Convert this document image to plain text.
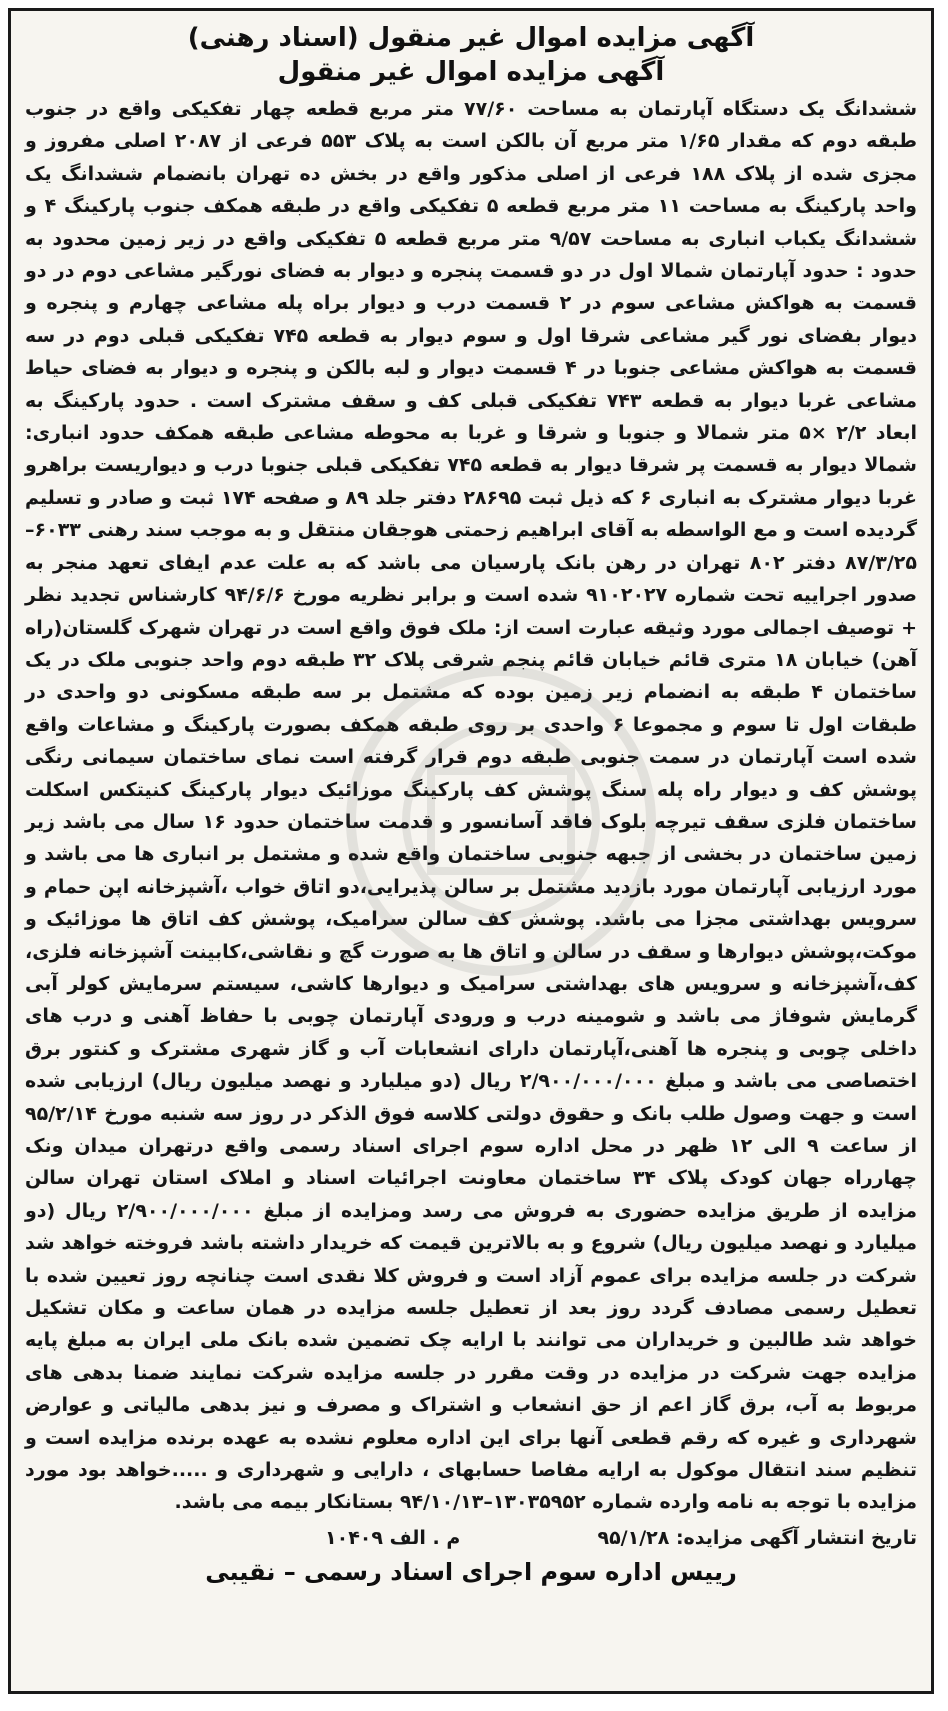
آگهی مزایده اموال غیر منقول (اسناد رهنی)
آگهی مزایده اموال غیر منقول

ششدانگ یک دستگاه آپارتمان به مساحت ۷۷/۶۰ متر مربع قطعه چهار تفکیکی واقع در جنوب طبقه دوم که مقدار ۱/۶۵ متر مربع آن بالکن است به پلاک ۵۵۳ فرعی از ۲۰۸۷ اصلی مفروز و مجزی شده از پلاک ۱۸۸ فرعی از اصلی مذکور واقع در بخش ده تهران بانضمام ششدانگ یک واحد پارکینگ به مساحت ۱۱ متر مربع قطعه ۵ تفکیکی واقع در طبقه همکف جنوب پارکینگ ۴ و ششدانگ یکباب انباری به مساحت ۹/۵۷ متر مربع قطعه ۵ تفکیکی واقع در زیر زمین محدود به حدود : حدود آپارتمان شمالا اول در دو قسمت پنجره و دیوار به فضای نورگیر مشاعی دوم در دو قسمت به هواکش مشاعی سوم در ۲ قسمت درب و دیوار براه پله مشاعی چهارم و پنجره و دیوار بفضای نور گیر مشاعی شرقا اول و سوم دیوار به قطعه ۷۴۵ تفکیکی قبلی دوم در سه قسمت به هواکش مشاعی جنوبا در ۴ قسمت دیوار و لبه بالکن و پنجره و دیوار به فضای حیاط مشاعی غربا دیوار به قطعه ۷۴۳ تفکیکی قبلی کف و سقف مشترک است . حدود پارکینگ به ابعاد ۲/۲ ×۵ متر شمالا و جنوبا و شرقا و غربا به محوطه مشاعی طبقه همکف حدود انباری: شمالا دیوار به قسمت پر شرقا دیوار به قطعه ۷۴۵ تفکیکی قبلی جنوبا درب و دیواریست براهرو غربا دیوار مشترک به انباری ۶ که ذیل ثبت ۲۸۶۹۵ دفتر جلد ۸۹ و صفحه ۱۷۴ ثبت و صادر و تسلیم گردیده است و مع الواسطه به آقای ابراهیم زحمتی هوجقان منتقل و به موجب سند رهنی ۶۰۳۳– ۸۷/۳/۲۵ دفتر ۸۰۲ تهران در رهن بانک پارسیان می باشد که به علت عدم ایفای تعهد منجر به صدور اجراییه تحت شماره ۹۱۰۲۰۲۷ شده است و برابر نظریه مورخ ۹۴/۶/۶ کارشناس تجدید نظر + توصیف اجمالی مورد وثیقه عبارت است از: ملک فوق واقع است در تهران شهرک گلستان(راه آهن) خیابان ۱۸ متری قائم خیابان قائم پنجم شرقی پلاک ۳۲ طبقه دوم واحد جنوبی ملک در یک ساختمان ۴ طبقه به انضمام زیر زمین بوده که مشتمل بر سه طبقه مسکونی دو واحدی در طبقات اول تا سوم و مجموعا ۶ واحدی بر روی طبقه همکف بصورت پارکینگ و مشاعات واقع شده است آپارتمان در سمت جنوبی طبقه دوم قرار گرفته است نمای ساختمان سیمانی رنگی پوشش کف و دیوار راه پله سنگ پوشش کف پارکینگ موزائیک دیوار پارکینگ کنیتکس اسکلت ساختمان فلزی سقف تیرچه بلوک فاقد آسانسور و قدمت ساختمان حدود ۱۶ سال می باشد زیر زمین ساختمان در بخشی از جبهه جنوبی ساختمان واقع شده و مشتمل بر انباری ها می باشد و مورد ارزیابی آپارتمان مورد بازدید مشتمل بر سالن پذیرایی،دو اتاق خواب ،آشپزخانه اپن حمام و سرویس بهداشتی مجزا می باشد. پوشش کف سالن سرامیک، پوشش کف اتاق ها موزائیک و موکت،پوشش دیوارها و سقف در سالن و اتاق ها به صورت گچ و نقاشی،کابینت آشپزخانه فلزی، کف،آشپزخانه و سرویس های بهداشتی سرامیک و دیوارها کاشی، سیستم سرمایش کولر آبی گرمایش شوفاژ می باشد و شومینه درب و ورودی آپارتمان چوبی با حفاظ آهنی و درب های داخلی چوبی و پنجره ها آهنی،آپارتمان دارای انشعابات آب و گاز شهری مشترک و کنتور برق اختصاصی می باشد و مبلغ ۲/۹۰۰/۰۰۰/۰۰۰ ریال (دو میلیارد و نهصد میلیون ریال) ارزیابی شده است و جهت وصول طلب بانک و حقوق دولتی کلاسه فوق الذکر در روز سه شنبه مورخ ۹۵/۲/۱۴ از ساعت ۹ الی ۱۲ ظهر در محل اداره سوم اجرای اسناد رسمی واقع درتهران میدان ونک چهارراه جهان کودک پلاک ۳۴ ساختمان معاونت اجرائیات اسناد و املاک استان تهران سالن مزایده از طریق مزایده حضوری به فروش می رسد ومزایده از مبلغ ۲/۹۰۰/۰۰۰/۰۰۰ ریال (دو میلیارد و نهصد میلیون ریال) شروع و به بالاترین قیمت که خریدار داشته باشد فروخته خواهد شد شرکت در جلسه مزایده برای عموم آزاد است و فروش کلا نقدی است چنانچه روز تعیین شده با تعطیل رسمی مصادف گردد روز بعد از تعطیل جلسه مزایده در همان ساعت و مکان تشکیل خواهد شد طالبین و خریداران می توانند با ارایه چک تضمین شده بانک ملی ایران به مبلغ پایه مزایده جهت شرکت در مزایده در وقت مقرر در جلسه مزایده شرکت نمایند ضمنا بدهی های مربوط به آب، برق گاز اعم از حق انشعاب و اشتراک و مصرف و نیز بدهی مالیاتی و عوارض شهرداری و غیره که رقم قطعی آنها برای این اداره معلوم نشده به عهده برنده مزایده است و تنظیم سند انتقال موکول به ارایه مفاصا حسابهای ، دارایی و شهرداری و .....خواهد بود مورد مزایده با توجه به نامه وارده شماره ۱۳۰۳۵۹۵۲–۹۴/۱۰/۱۳ بستانکار بیمه می باشد.

تاریخ انتشار آگهی مزایده: ۹۵/۱/۲۸
م . الف ۱۰۴۰۹
رییس اداره سوم اجرای اسناد رسمی – نقیبی
